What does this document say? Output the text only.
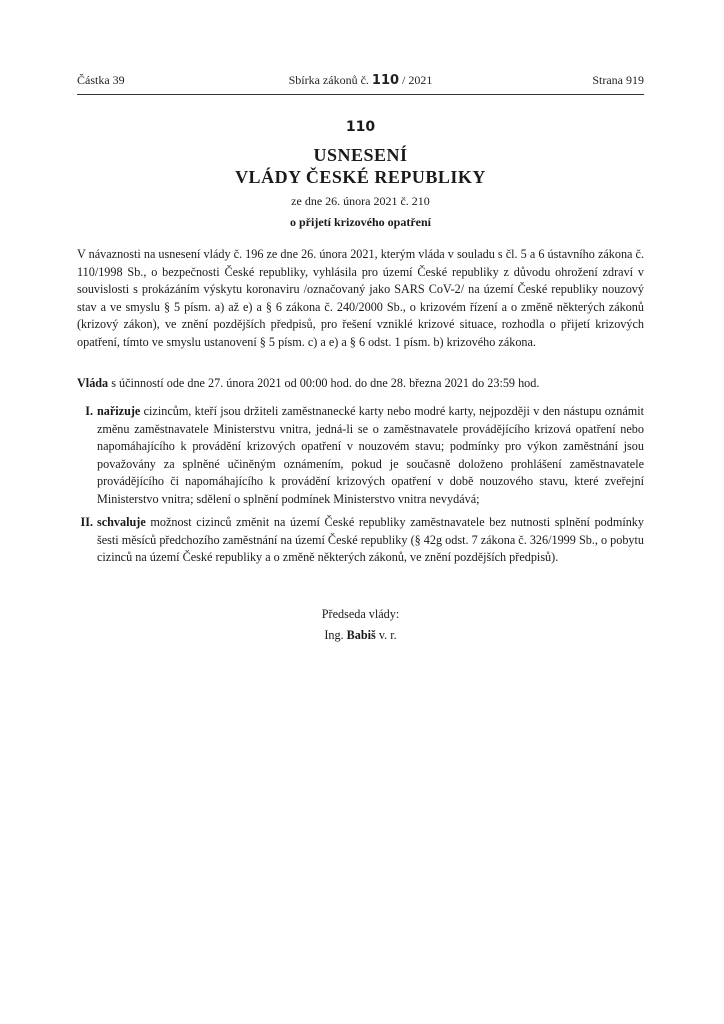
Částka 39	Sbírka zákonů č. 110 / 2021	Strana 919
110
USNESENÍ
VLÁDY ČESKÉ REPUBLIKY
ze dne 26. února 2021 č. 210
o přijetí krizového opatření
V návaznosti na usnesení vlády č. 196 ze dne 26. února 2021, kterým vláda v souladu s čl. 5 a 6 ústavního zákona č. 110/1998 Sb., o bezpečnosti České republiky, vyhlásila pro území České republiky z důvodu ohrožení zdraví v souvislosti s prokázáním výskytu koronaviru /označovaný jako SARS CoV-2/ na území České republiky nouzový stav a ve smyslu § 5 písm. a) až e) a § 6 zákona č. 240/2000 Sb., o krizovém řízení a o změně některých zákonů (krizový zákon), ve znění pozdějších předpisů, pro řešení vzniklé krizové situace, rozhodla o přijetí krizových opatření, tímto ve smyslu ustanovení § 5 písm. c) a e) a § 6 odst. 1 písm. b) krizového zákona.
Vláda s účinností ode dne 27. února 2021 od 00:00 hod. do dne 28. března 2021 do 23:59 hod.
I. nařizuje cizincům, kteří jsou držiteli zaměstnanecké karty nebo modré karty, nejpozději v den nástupu oznámit změnu zaměstnavatele Ministerstvu vnitra, jedná-li se o zaměstnavatele provádějícího krizová opatření nebo napomáhajícího k provádění krizových opatření v nouzovém stavu; podmínky pro výkon zaměstnání jsou považovány za splněné učiněným oznámením, pokud je současně doloženo prohlášení zaměstnavatele provádějícího či napomáhajícího k provádění krizových opatření v době nouzového stavu, které zveřejní Ministerstvo vnitra; sdělení o splnění podmínek Ministerstvo vnitra nevydává;
II. schvaluje možnost cizinců změnit na území České republiky zaměstnavatele bez nutnosti splnění podmínky šesti měsíců předchozího zaměstnání na území České republiky (§ 42g odst. 7 zákona č. 326/1999 Sb., o pobytu cizinců na území České republiky a o změně některých zákonů, ve znění pozdějších předpisů).
Předseda vlády:
Ing. Babiš v. r.
